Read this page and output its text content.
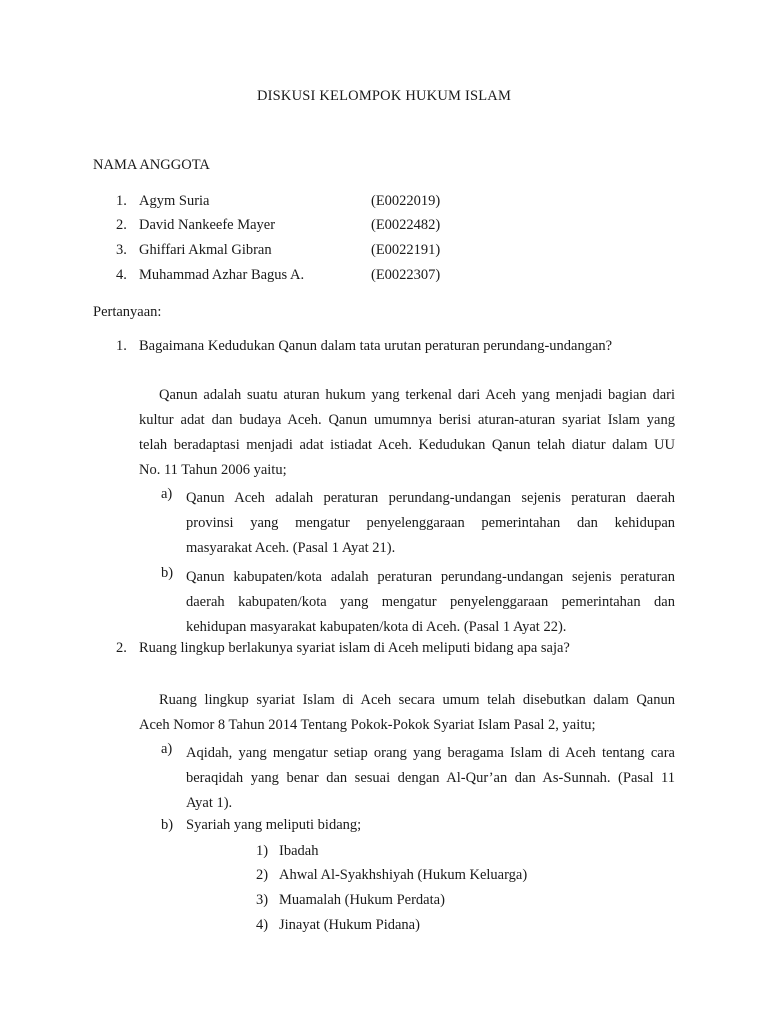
DISKUSI KELOMPOK HUKUM ISLAM
NAMA ANGGOTA
1. Agym Suria	(E0022019)
2. David Nankeefe Mayer	(E0022482)
3. Ghiffari Akmal Gibran	(E0022191)
4. Muhammad Azhar Bagus A.	(E0022307)
Pertanyaan:
1. Bagaimana Kedudukan Qanun dalam tata urutan peraturan perundang-undangan?
Qanun adalah suatu aturan hukum yang terkenal dari Aceh yang menjadi bagian dari
kultur adat dan budaya Aceh. Qanun umumnya berisi aturan-aturan syariat Islam yang
telah beradaptasi menjadi adat istiadat Aceh. Kedudukan Qanun telah diatur dalam UU
No. 11 Tahun 2006 yaitu;
a) Qanun Aceh adalah peraturan perundang-undangan sejenis peraturan daerah
provinsi yang mengatur penyelenggaraan pemerintahan dan kehidupan
masyarakat Aceh. (Pasal 1 Ayat 21).
b) Qanun kabupaten/kota adalah peraturan perundang-undangan sejenis peraturan
daerah kabupaten/kota yang mengatur penyelenggaraan pemerintahan dan
kehidupan masyarakat kabupaten/kota di Aceh. (Pasal 1 Ayat 22).
2. Ruang lingkup berlakunya syariat islam di Aceh meliputi bidang apa saja?
Ruang lingkup syariat Islam di Aceh secara umum telah disebutkan dalam Qanun
Aceh Nomor 8 Tahun 2014 Tentang Pokok-Pokok Syariat Islam Pasal 2, yaitu;
a) Aqidah, yang mengatur setiap orang yang beragama Islam di Aceh tentang cara
beraqidah yang benar dan sesuai dengan Al-Qur’an dan As-Sunnah. (Pasal 11
Ayat 1).
b) Syariah yang meliputi bidang;
1) Ibadah
2) Ahwal Al-Syakhshiyah (Hukum Keluarga)
3) Muamalah (Hukum Perdata)
4) Jinayat (Hukum Pidana)
